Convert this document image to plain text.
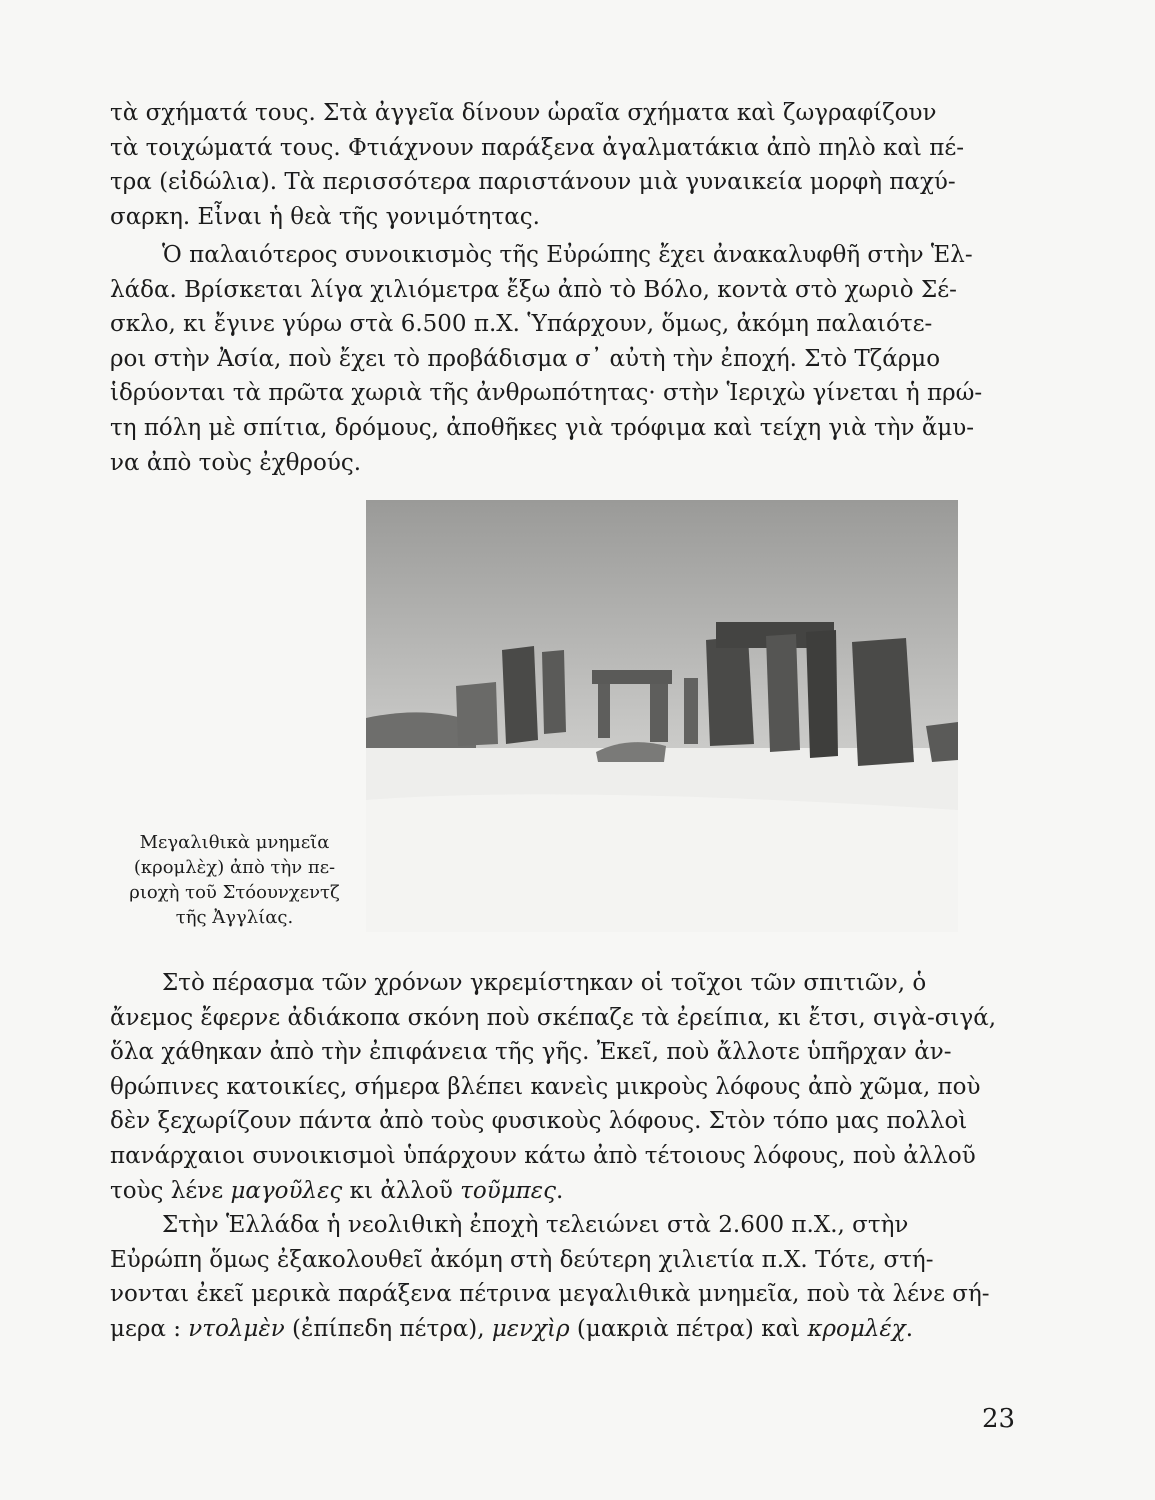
τὰ σχήματά τους. Στὰ ἀγγεῖα δίνουν ὡραῖα σχήματα καὶ ζωγραφίζουν
τὰ τοιχώματά τους. Φτιάχνουν παράξενα ἀγαλματάκια ἀπὸ πηλὸ καὶ πέ-
τρα (εἰδώλια). Τὰ περισσότερα παριστάνουν μιὰ γυναικεία μορφὴ παχύ-
σαρκη. Εἶναι ἡ θεὰ τῆς γονιμότητας.

Ὁ παλαιότερος συνοικισμὸς τῆς Εὐρώπης ἔχει ἀνακαλυφθῆ στὴν Ἑλ-
λάδα. Βρίσκεται λίγα χιλιόμετρα ἔξω ἀπὸ τὸ Βόλο, κοντὰ στὸ χωριὸ Σέ-
σκλο, κι ἔγινε γύρω στὰ 6.500 π.Χ. Ὑπάρχουν, ὅμως, ἀκόμη παλαιότε-
ροι στὴν Ἀσία, ποὺ ἔχει τὸ προβάδισμα σ᾽ αὐτὴ τὴν ἐποχή. Στὸ Τζάρμο
ἱδρύονται τὰ πρῶτα χωριὰ τῆς ἀνθρωπότητας· στὴν Ἱεριχὼ γίνεται ἡ πρώ-
τη πόλη μὲ σπίτια, δρόμους, ἀποθῆκες γιὰ τρόφιμα καὶ τείχη γιὰ τὴν ἄμυ-
να ἀπὸ τοὺς ἐχθρούς.

Μεγαλιθικὰ μνημεῖα
(κρομλὲχ) ἀπὸ τὴν πε-
ριοχὴ τοῦ Στόουνχεντζ
τῆς Ἀγγλίας.

Στὸ πέρασμα τῶν χρόνων γκρεμίστηκαν οἱ τοῖχοι τῶν σπιτιῶν, ὁ
ἄνεμος ἔφερνε ἀδιάκοπα σκόνη ποὺ σκέπαζε τὰ ἐρείπια, κι ἔτσι, σιγὰ-σιγά,
ὅλα χάθηκαν ἀπὸ τὴν ἐπιφάνεια τῆς γῆς. Ἐκεῖ, ποὺ ἄλλοτε ὑπῆρχαν ἀν-
θρώπινες κατοικίες, σήμερα βλέπει κανεὶς μικροὺς λόφους ἀπὸ χῶμα, ποὺ
δὲν ξεχωρίζουν πάντα ἀπὸ τοὺς φυσικοὺς λόφους. Στὸν τόπο μας πολλοὶ
πανάρχαιοι συνοικισμοὶ ὑπάρχουν κάτω ἀπὸ τέτοιους λόφους, ποὺ ἀλλοῦ
τοὺς λένε μαγοῦλες κι ἀλλοῦ τοῦμπες.

Στὴν Ἑλλάδα ἡ νεολιθικὴ ἐποχὴ τελειώνει στὰ 2.600 π.Χ., στὴν
Εὐρώπη ὅμως ἐξακολουθεῖ ἀκόμη στὴ δεύτερη χιλιετία π.Χ. Τότε, στή-
νονται ἐκεῖ μερικὰ παράξενα πέτρινα μεγαλιθικὰ μνημεῖα, ποὺ τὰ λένε σή-
μερα : ντολμὲν (ἐπίπεδη πέτρα), μενχὶρ (μακριὰ πέτρα) καὶ κρομλέχ.

23
